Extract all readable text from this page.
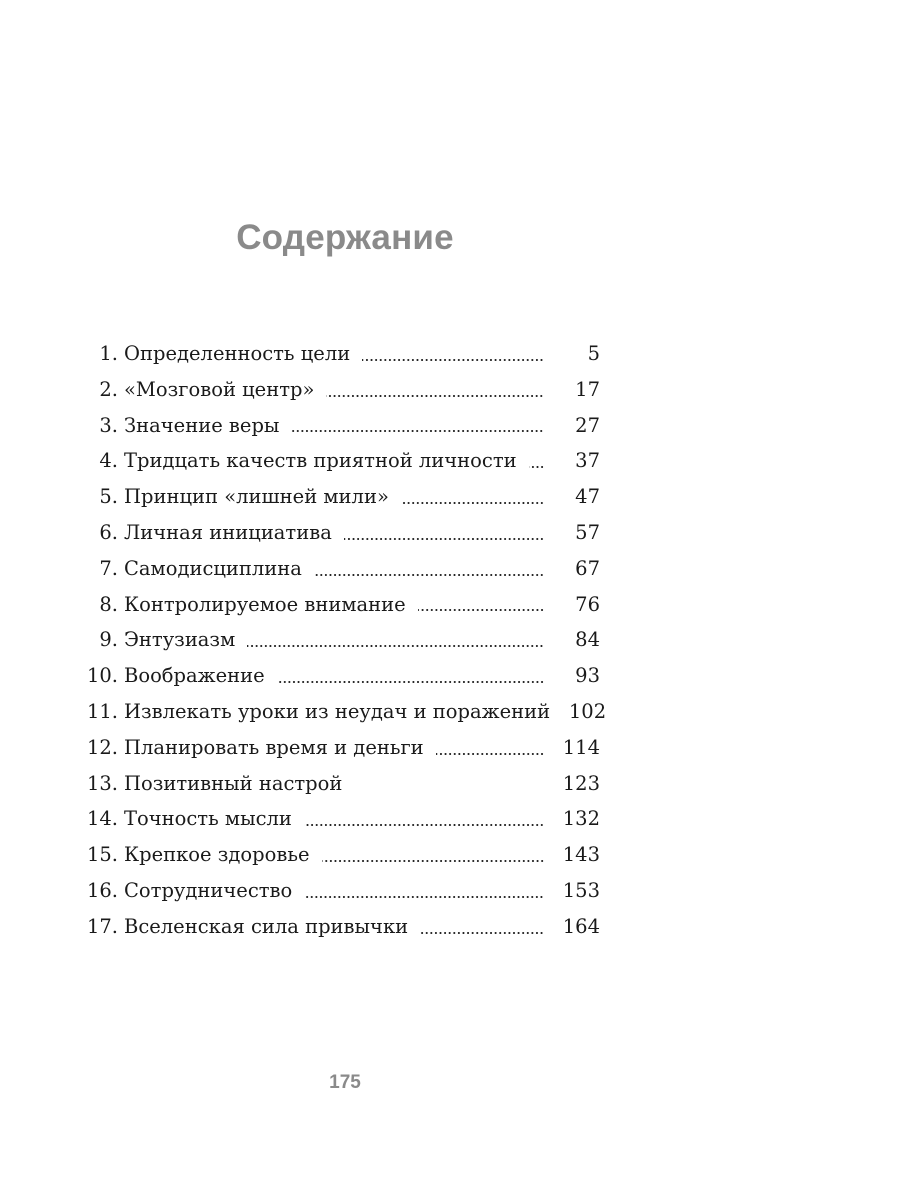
Содержание
1. Определенность цели	5
2. «Мозговой центр»	17
3. Значение веры	27
4. Тридцать качеств приятной личности	37
5. Принцип «лишней мили»	47
6. Личная инициатива	57
7. Самодисциплина	67
8. Контролируемое внимание	76
9. Энтузиазм	84
10. Воображение	93
11. Извлекать уроки из неудач и поражений 102
12. Планировать время и деньги	114
13. Позитивный настрой	123
14. Точность мысли	132
15. Крепкое здоровье	143
16. Сотрудничество	153
17. Вселенская сила привычки	164
175
